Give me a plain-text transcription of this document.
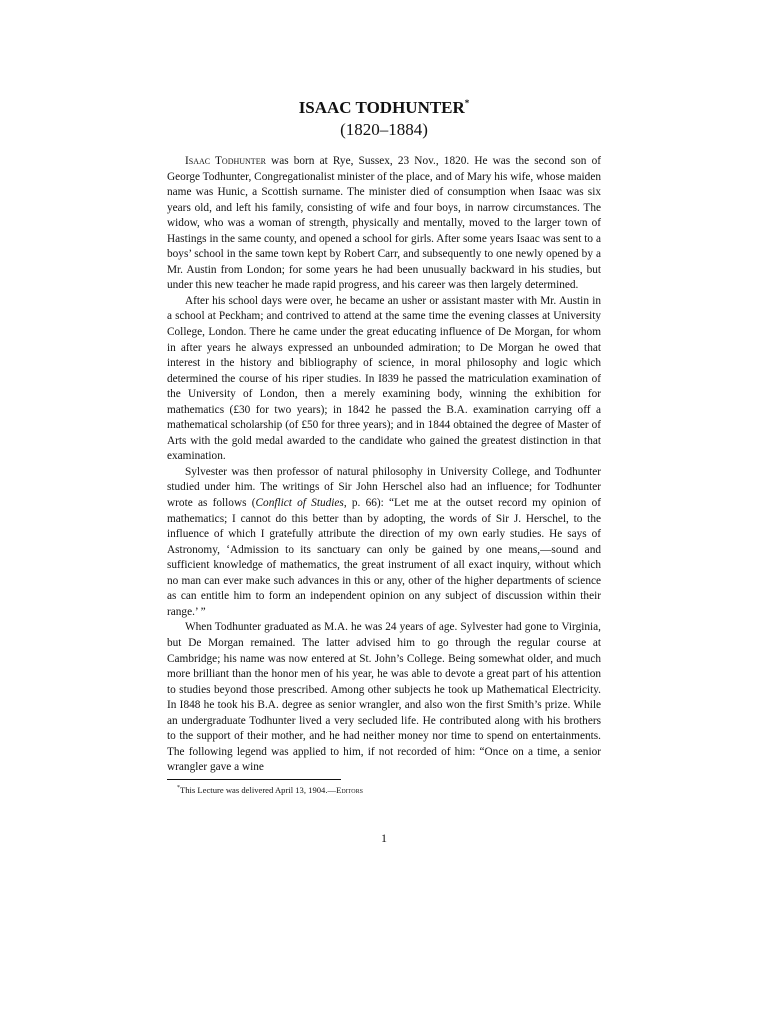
ISAAC TODHUNTER*
(1820–1884)

Isaac Todhunter was born at Rye, Sussex, 23 Nov., 1820. He was the second son of George Todhunter, Congregationalist minister of the place, and of Mary his wife, whose maiden name was Hunic, a Scottish surname. The minister died of consumption when Isaac was six years old, and left his family, consisting of wife and four boys, in narrow circumstances. The widow, who was a woman of strength, physically and mentally, moved to the larger town of Hastings in the same county, and opened a school for girls. After some years Isaac was sent to a boys’ school in the same town kept by Robert Carr, and subsequently to one newly opened by a Mr. Austin from London; for some years he had been unusually backward in his studies, but under this new teacher he made rapid progress, and his career was then largely determined.

After his school days were over, he became an usher or assistant master with Mr. Austin in a school at Peckham; and contrived to attend at the same time the evening classes at University College, London. There he came under the great educating influence of De Morgan, for whom in after years he always expressed an unbounded admiration; to De Morgan he owed that interest in the history and bibliography of science, in moral philosophy and logic which determined the course of his riper studies. In I839 he passed the matriculation examination of the University of London, then a merely examining body, winning the exhibition for mathematics (£30 for two years); in 1842 he passed the B.A. examination carrying off a mathematical scholarship (of £50 for three years); and in 1844 obtained the degree of Master of Arts with the gold medal awarded to the candidate who gained the greatest distinction in that examination.

Sylvester was then professor of natural philosophy in University College, and Todhunter studied under him. The writings of Sir John Herschel also had an influence; for Todhunter wrote as follows (Conflict of Studies, p. 66): “Let me at the outset record my opinion of mathematics; I cannot do this better than by adopting, the words of Sir J. Herschel, to the influence of which I gratefully attribute the direction of my own early studies. He says of Astronomy, ‘Admission to its sanctuary can only be gained by one means,—sound and sufficient knowledge of mathematics, the great instrument of all exact inquiry, without which no man can ever make such advances in this or any, other of the higher departments of science as can entitle him to form an independent opinion on any subject of discussion within their range.’ ”

When Todhunter graduated as M.A. he was 24 years of age. Sylvester had gone to Virginia, but De Morgan remained. The latter advised him to go through the regular course at Cambridge; his name was now entered at St. John’s College. Being somewhat older, and much more brilliant than the honor men of his year, he was able to devote a great part of his attention to studies beyond those prescribed. Among other subjects he took up Mathematical Electricity. In I848 he took his B.A. degree as senior wrangler, and also won the first Smith’s prize. While an undergraduate Todhunter lived a very secluded life. He contributed along with his brothers to the support of their mother, and he had neither money nor time to spend on entertainments. The following legend was applied to him, if not recorded of him: “Once on a time, a senior wrangler gave a wine

*This Lecture was delivered April 13, 1904.—Editors

1
